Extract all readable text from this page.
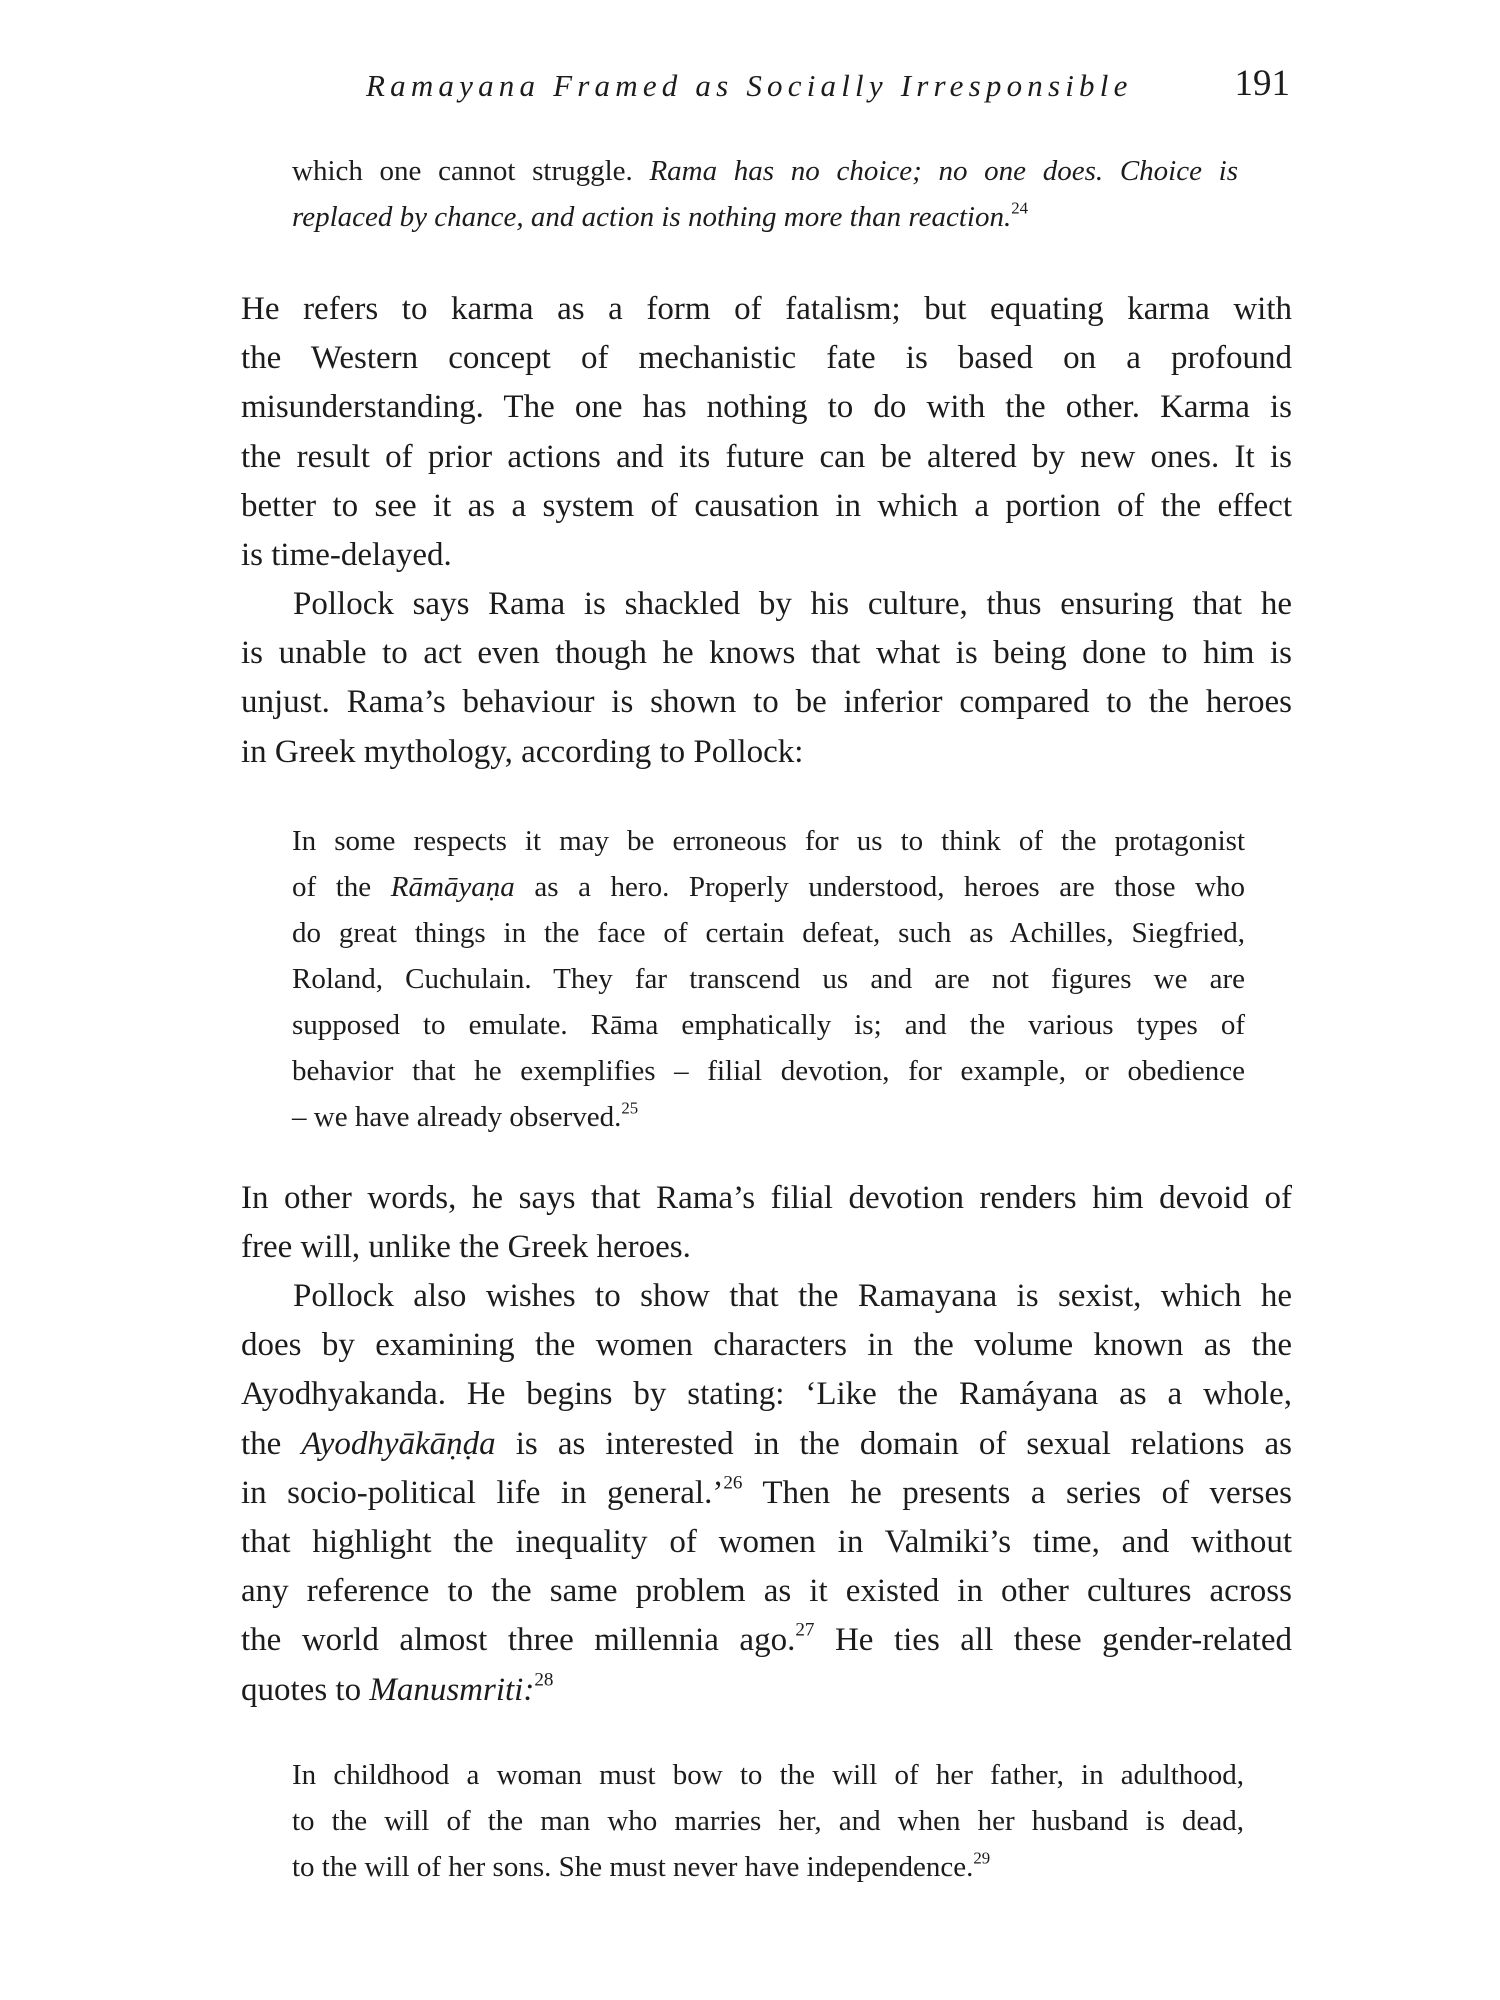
Ramayana Framed as Socially Irresponsible	191
which one cannot struggle. Rama has no choice; no one does. Choice is
replaced by chance, and action is nothing more than reaction.$^{24}$
He refers to karma as a form of fatalism; but equating karma with
the Western concept of mechanistic fate is based on a profound
misunderstanding. The one has nothing to do with the other. Karma is
the result of prior actions and its future can be altered by new ones. It is
better to see it as a system of causation in which a portion of the effect
is time-delayed.
Pollock says Rama is shackled by his culture, thus ensuring that he
is unable to act even though he knows that what is being done to him is
unjust. Rama’s behaviour is shown to be inferior compared to the heroes
in Greek mythology, according to Pollock:
In some respects it may be erroneous for us to think of the protagonist
of the Rāmāyaṇa as a hero. Properly understood, heroes are those who
do great things in the face of certain defeat, such as Achilles, Siegfried,
Roland, Cuchulain. They far transcend us and are not figures we are
supposed to emulate. Rāma emphatically is; and the various types of
behavior that he exemplifies – filial devotion, for example, or obedience
– we have already observed.$^{25}$
In other words, he says that Rama’s filial devotion renders him devoid of
free will, unlike the Greek heroes.
Pollock also wishes to show that the Ramayana is sexist, which he
does by examining the women characters in the volume known as the
Ayodhyakanda. He begins by stating: ‘Like the Ramáyana as a whole,
the Ayodhyākāṇḍa is as interested in the domain of sexual relations as
in socio-political life in general.’$^{26}$ Then he presents a series of verses
that highlight the inequality of women in Valmiki’s time, and without
any reference to the same problem as it existed in other cultures across
the world almost three millennia ago.$^{27}$ He ties all these gender-related
quotes to Manusmriti:$^{28}$
In childhood a woman must bow to the will of her father, in adulthood,
to the will of the man who marries her, and when her husband is dead,
to the will of her sons. She must never have independence.$^{29}$
